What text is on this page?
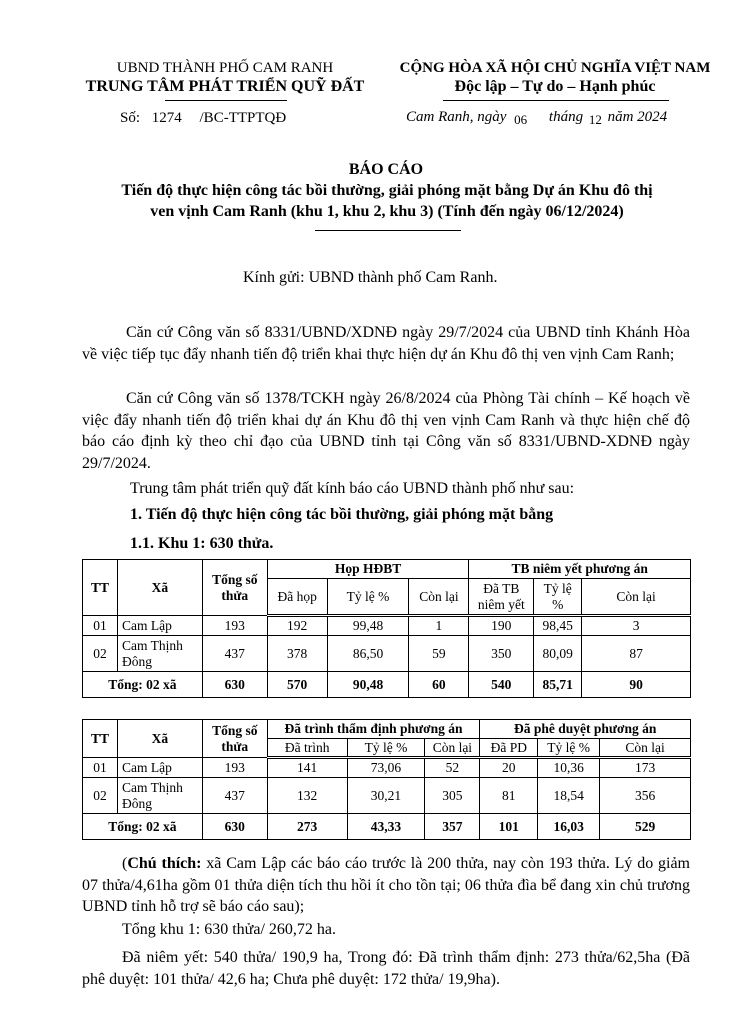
UBND THÀNH PHỐ CAM RANH
TRUNG TÂM PHÁT TRIỂN QUỸ ĐẤT
Số: 1274 /BC-TTPTQĐ
CỘNG HÒA XÃ HỘI CHỦ NGHĨA VIỆT NAM
Độc lập – Tự do – Hạnh phúc
Cam Ranh, ngày 06 tháng 12 năm 2024
BÁO CÁO
Tiến độ thực hiện công tác bồi thường, giải phóng mặt bằng Dự án Khu đô thị
ven vịnh Cam Ranh (khu 1, khu 2, khu 3) (Tính đến ngày 06/12/2024)
Kính gửi: UBND thành phố Cam Ranh.
Căn cứ Công văn số 8331/UBND/XDNĐ ngày 29/7/2024 của UBND tỉnh Khánh Hòa về việc tiếp tục đẩy nhanh tiến độ triển khai thực hiện dự án Khu đô thị ven vịnh Cam Ranh;
Căn cứ Công văn số 1378/TCKH ngày 26/8/2024 của Phòng Tài chính – Kế hoạch về việc đẩy nhanh tiến độ triển khai dự án Khu đô thị ven vịnh Cam Ranh và thực hiện chế độ báo cáo định kỳ theo chỉ đạo của UBND tỉnh tại Công văn số 8331/UBND-XDNĐ ngày 29/7/2024.
Trung tâm phát triển quỹ đất kính báo cáo UBND thành phố như sau:
1. Tiến độ thực hiện công tác bồi thường, giải phóng mặt bằng
1.1. Khu 1: 630 thửa.
TT	Xã	Tổng số thửa	Họp HĐBT			TB niêm yết phương án		
			Đã họp	Tỷ lệ %	Còn lại	Đã TB niêm yết	Tỷ lệ %	Còn lại
01	Cam Lập	193	192	99,48	1	190	98,45	3
02	Cam Thịnh Đông	437	378	86,50	59	350	80,09	87
Tổng: 02 xã		630	570	90,48	60	540	85,71	90
TT	Xã	Tổng số thửa	Đã trình thẩm định phương án			Đã phê duyệt phương án		
			Đã trình	Tỷ lệ %	Còn lại	Đã PD	Tỷ lệ %	Còn lại
01	Cam Lập	193	141	73,06	52	20	10,36	173
02	Cam Thịnh Đông	437	132	30,21	305	81	18,54	356
Tổng: 02 xã		630	273	43,33	357	101	16,03	529
(Chú thích: xã Cam Lập các báo cáo trước là 200 thửa, nay còn 193 thửa. Lý do giảm 07 thửa/4,61ha gồm 01 thửa diện tích thu hồi ít cho tồn tại; 06 thửa đìa bể đang xin chủ trương UBND tỉnh hỗ trợ sẽ báo cáo sau);
Tổng khu 1: 630 thửa/ 260,72 ha.
Đã niêm yết: 540 thửa/ 190,9 ha, Trong đó: Đã trình thẩm định: 273 thửa/62,5ha (Đã phê duyệt: 101 thửa/ 42,6 ha; Chưa phê duyệt: 172 thửa/ 19,9ha).
